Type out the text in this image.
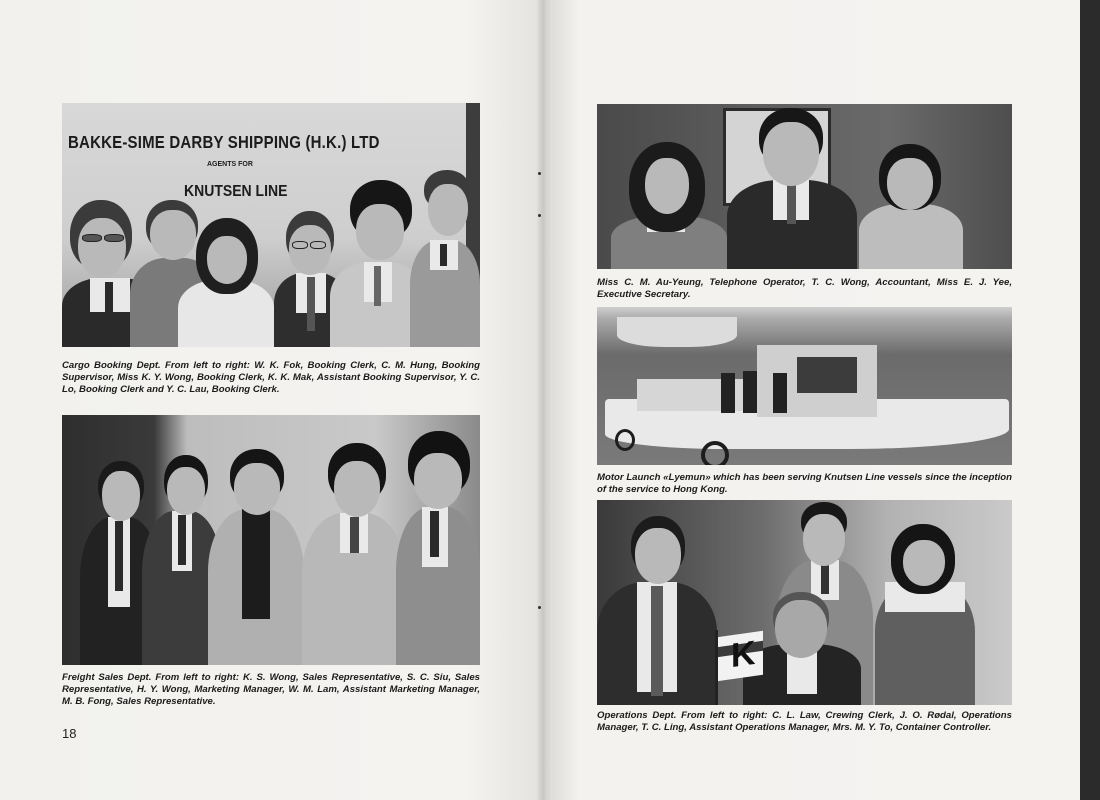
BAKKE-SIME DARBY SHIPPING (H.K.) LTD
AGENTS FOR
KNUTSEN LINE
Cargo Booking Dept. From left to right: W. K. Fok, Booking Clerk, C. M. Hung, Booking Supervisor, Miss K. Y. Wong, Booking Clerk, K. K. Mak, Assistant Booking Supervisor, Y. C. Lo, Booking Clerk and Y. C. Lau, Booking Clerk.
Freight Sales Dept. From left to right: K. S. Wong, Sales Representative, S. C. Siu, Sales Representative, H. Y. Wong, Marketing Manager, W. M. Lam, Assistant Marketing Manager, M. B. Fong, Sales Representative.
18
Miss C. M. Au-Yeung, Telephone Operator, T. C. Wong, Accountant, Miss E. J. Yee, Executive Secretary.
Motor Launch «Lyemun» which has been serving Knutsen Line vessels since the inception of the service to Hong Kong.
K
Operations Dept. From left to right: C. L. Law, Crewing Clerk, J. O. Rødal, Operations Manager, T. C. Ling, Assistant Operations Manager, Mrs. M. Y. To, Container Controller.
